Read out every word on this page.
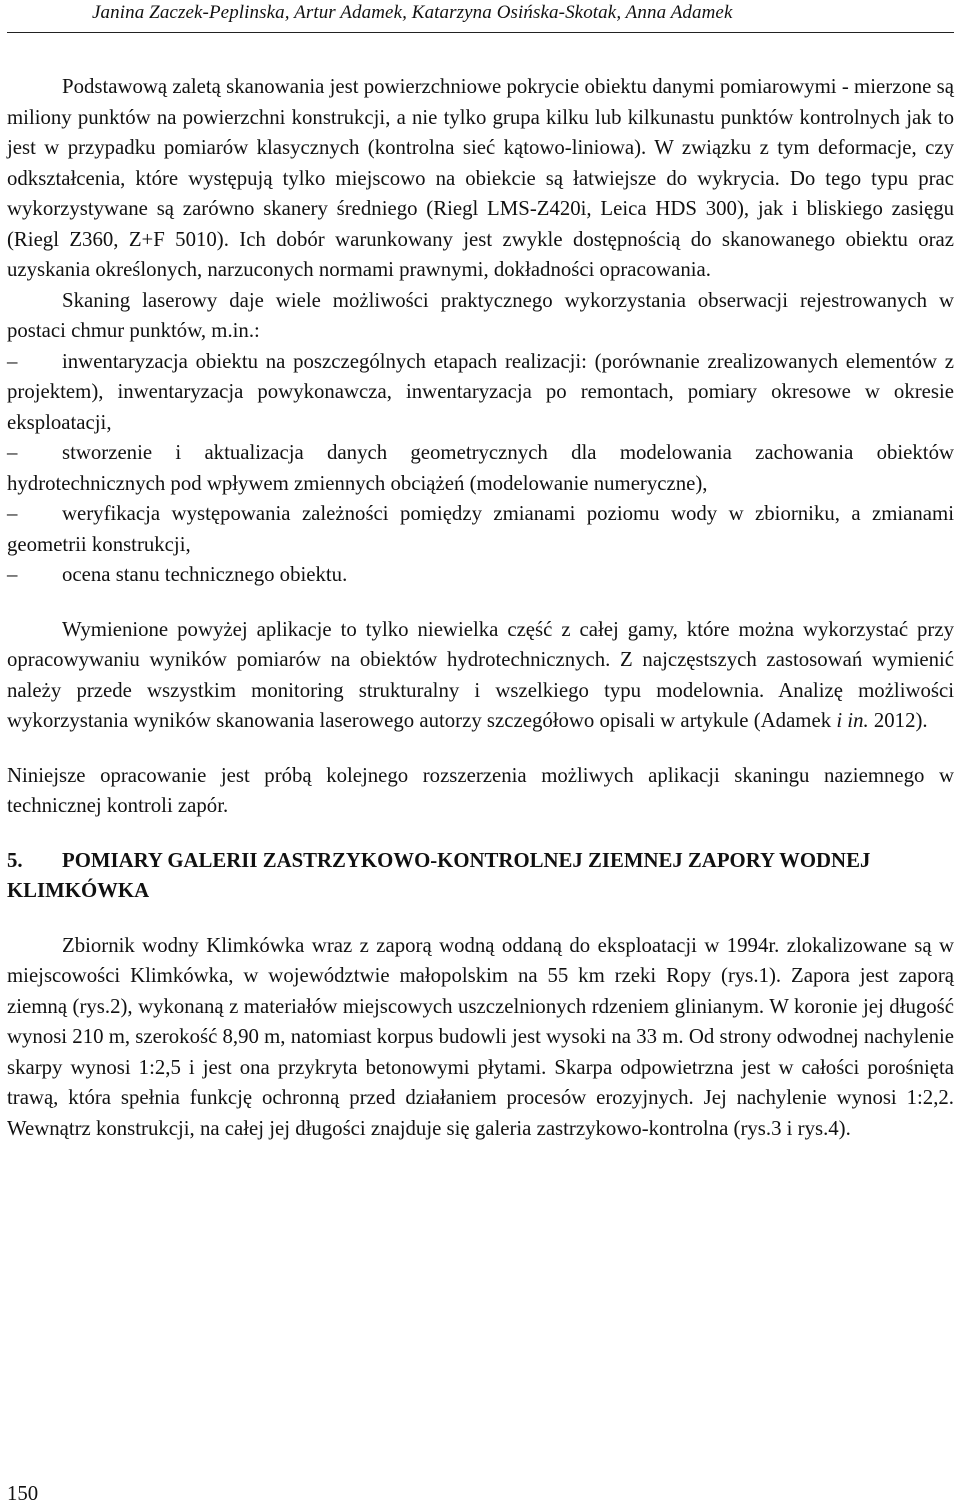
Janina Zaczek-Peplinska, Artur Adamek, Katarzyna Osińska-Skotak, Anna Adamek

Podstawową zaletą skanowania jest powierzchniowe pokrycie obiektu danymi pomiarowymi - mierzone są miliony punktów na powierzchni konstrukcji, a nie tylko grupa kilku lub kilkunastu punktów kontrolnych jak to jest w przypadku pomiarów klasycznych (kontrolna sieć kątowo-liniowa). W związku z tym deformacje, czy odkształcenia, które występują tylko miejscowo na obiekcie są łatwiejsze do wykrycia. Do tego typu prac wykorzystywane są zarówno skanery średniego (Riegl LMS-Z420i, Leica HDS 300), jak i bliskiego zasięgu (Riegl Z360, Z+F 5010). Ich dobór warunkowany jest zwykle dostępnością do skanowanego obiektu oraz uzyskania określonych, narzuconych normami prawnymi, dokładności opracowania.

Skaning laserowy daje wiele możliwości praktycznego wykorzystania obserwacji rejestrowanych w postaci chmur punktów, m.in.:

– inwentaryzacja obiektu na poszczególnych etapach realizacji: (porównanie zrealizowanych elementów z projektem), inwentaryzacja powykonawcza, inwentaryzacja po remontach, pomiary okresowe w okresie eksploatacji,
– stworzenie i aktualizacja danych geometrycznych dla modelowania zachowania obiektów hydrotechnicznych pod wpływem zmiennych obciążeń (modelowanie numeryczne),
– weryfikacja występowania zależności pomiędzy zmianami poziomu wody w zbiorniku, a zmianami geometrii konstrukcji,
– ocena stanu technicznego obiektu.

Wymienione powyżej aplikacje to tylko niewielka część z całej gamy, które można wykorzystać przy opracowywaniu wyników pomiarów na obiektów hydrotechnicznych. Z najczęstszych zastosowań wymienić należy przede wszystkim monitoring strukturalny i wszelkiego typu modelownia. Analizę możliwości wykorzystania wyników skanowania laserowego autorzy szczegółowo opisali w artykule (Adamek i in. 2012).

Niniejsze opracowanie jest próbą kolejnego rozszerzenia możliwych aplikacji skaningu naziemnego w technicznej kontroli zapór.

5. POMIARY GALERII ZASTRZYKOWO-KONTROLNEJ ZIEMNEJ ZAPORY WODNEJ KLIMKÓWKA

Zbiornik wodny Klimkówka wraz z zaporą wodną oddaną do eksploatacji w 1994r. zlokalizowane są w miejscowości Klimkówka, w województwie małopolskim na 55 km rzeki Ropy (rys.1). Zapora jest zaporą ziemną (rys.2), wykonaną z materiałów miejscowych uszczelnionych rdzeniem glinianym. W koronie jej długość wynosi 210 m, szerokość 8,90 m, natomiast korpus budowli jest wysoki na 33 m. Od strony odwodnej nachylenie skarpy wynosi 1:2,5 i jest ona przykryta betonowymi płytami. Skarpa odpowietrzna jest w całości porośnięta trawą, która spełnia funkcję ochronną przed działaniem procesów erozyjnych. Jej nachylenie wynosi 1:2,2. Wewnątrz konstrukcji, na całej jej długości znajduje się galeria zastrzykowo-kontrolna (rys.3 i rys.4).

150
